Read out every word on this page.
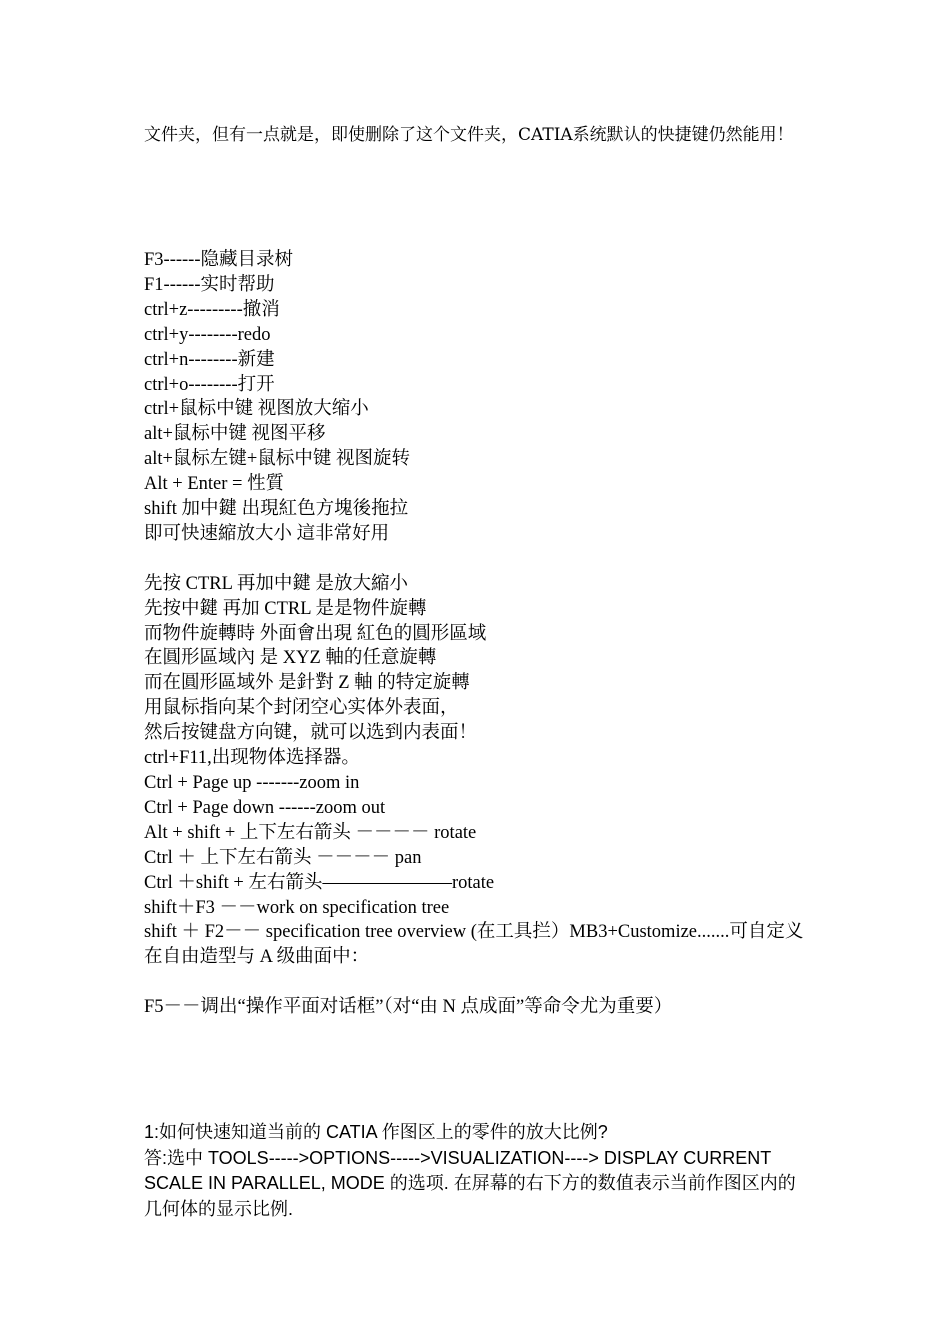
文件夹，但有一点就是，即使删除了这个文件夹，CATIA系统默认的快捷键仍然能用！

F3------隐藏目录树
F1------实时帮助
ctrl+z---------撤消
ctrl+y--------redo
ctrl+n--------新建
ctrl+o--------打开
ctrl+鼠标中键 视图放大缩小
alt+鼠标中键 视图平移
alt+鼠标左键+鼠标中键 视图旋转
Alt + Enter = 性質
shift 加中鍵 出現紅色方塊後拖拉
即可快速縮放大小 這非常好用
先按 CTRL 再加中鍵 是放大縮小
先按中鍵 再加 CTRL 是是物件旋轉
而物件旋轉時 外面會出現 紅色的圓形區域
在圓形區域內 是 XYZ 軸的任意旋轉
而在圓形區域外 是針對 Z 軸 的特定旋轉
用鼠标指向某个封闭空心实体外表面，
然后按键盘方向键，就可以选到内表面！
ctrl+F11,出现物体选择器。
Ctrl + Page up -------zoom in
Ctrl + Page down ------zoom out
Alt + shift + 上下左右箭头 －－－－ rotate
Ctrl ＋ 上下左右箭头 －－－－ pan
Ctrl ＋shift + 左右箭头———————rotate
shift＋F3 －－work on specification tree
shift ＋ F2－－ specification tree overview (在工具拦）MB3+Customize.......可自定义
在自由造型与 A 级曲面中：
F5－－调出“操作平面对话框”（对“由 N 点成面”等命令尤为重要）

1:如何快速知道当前的 CATIA 作图区上的零件的放大比例?

答:选中 TOOLS----->OPTIONS----->VISUALIZATION----> DISPLAY CURRENT SCALE IN PARALLEL, MODE 的选项. 在屏幕的右下方的数值表示当前作图区内的几何体的显示比例.
